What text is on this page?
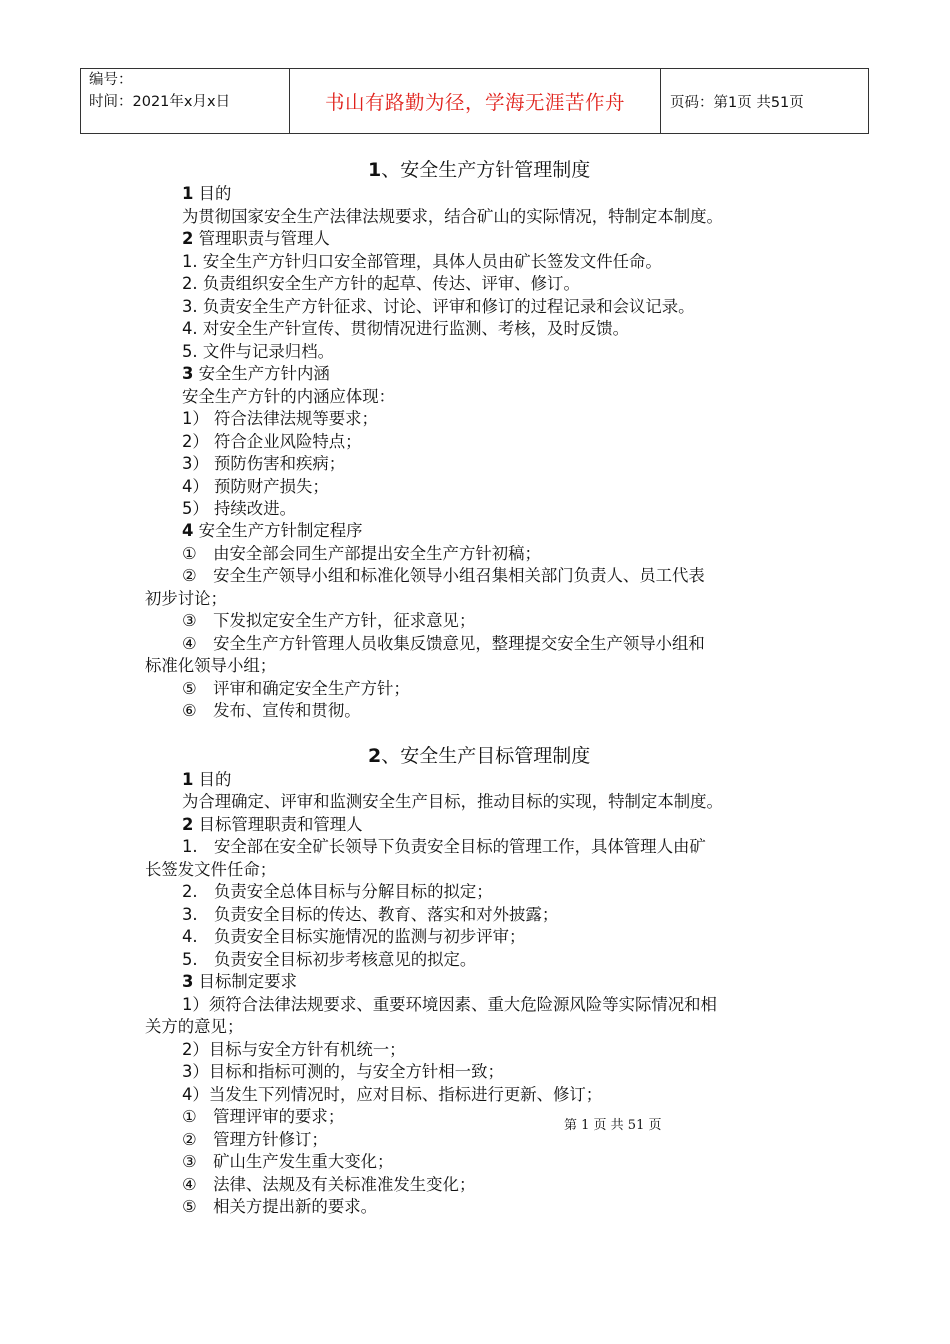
编号：
时间：2021年x月x日	书山有路勤为径，学海无涯苦作舟	页码：第1页 共51页
1、安全生产方针管理制度
1 目的
为贯彻国家安全生产法律法规要求，结合矿山的实际情况，特制定本制度。
2 管理职责与管理人
1. 安全生产方针归口安全部管理，具体人员由矿长签发文件任命。
2. 负责组织安全生产方针的起草、传达、评审、修订。
3. 负责安全生产方针征求、讨论、评审和修订的过程记录和会议记录。
4. 对安全生产针宣传、贯彻情况进行监测、考核，及时反馈。
5. 文件与记录归档。
3 安全生产方针内涵
安全生产方针的内涵应体现：
1） 符合法律法规等要求；
2） 符合企业风险特点；
3） 预防伤害和疾病；
4） 预防财产损失；
5） 持续改进。
4 安全生产方针制定程序
①　由安全部会同生产部提出安全生产方针初稿；
②　安全生产领导小组和标准化领导小组召集相关部门负责人、员工代表
初步讨论；
③　下发拟定安全生产方针，征求意见；
④　安全生产方针管理人员收集反馈意见，整理提交安全生产领导小组和
标准化领导小组；
⑤　评审和确定安全生产方针；
⑥　发布、宣传和贯彻。
2、安全生产目标管理制度
1 目的
为合理确定、评审和监测安全生产目标，推动目标的实现，特制定本制度。
2 目标管理职责和管理人
1.　安全部在安全矿长领导下负责安全目标的管理工作，具体管理人由矿
长签发文件任命；
2.　负责安全总体目标与分解目标的拟定；
3.　负责安全目标的传达、教育、落实和对外披露；
4.　负责安全目标实施情况的监测与初步评审；
5.　负责安全目标初步考核意见的拟定。
3 目标制定要求
1）须符合法律法规要求、重要环境因素、重大危险源风险等实际情况和相
关方的意见；
2）目标与安全方针有机统一；
3）目标和指标可测的，与安全方针相一致；
4）当发生下列情况时，应对目标、指标进行更新、修订；
①　管理评审的要求；
②　管理方针修订；
③　矿山生产发生重大变化；
④　法律、法规及有关标准准发生变化；
⑤　相关方提出新的要求。
第 1 页 共 51 页
